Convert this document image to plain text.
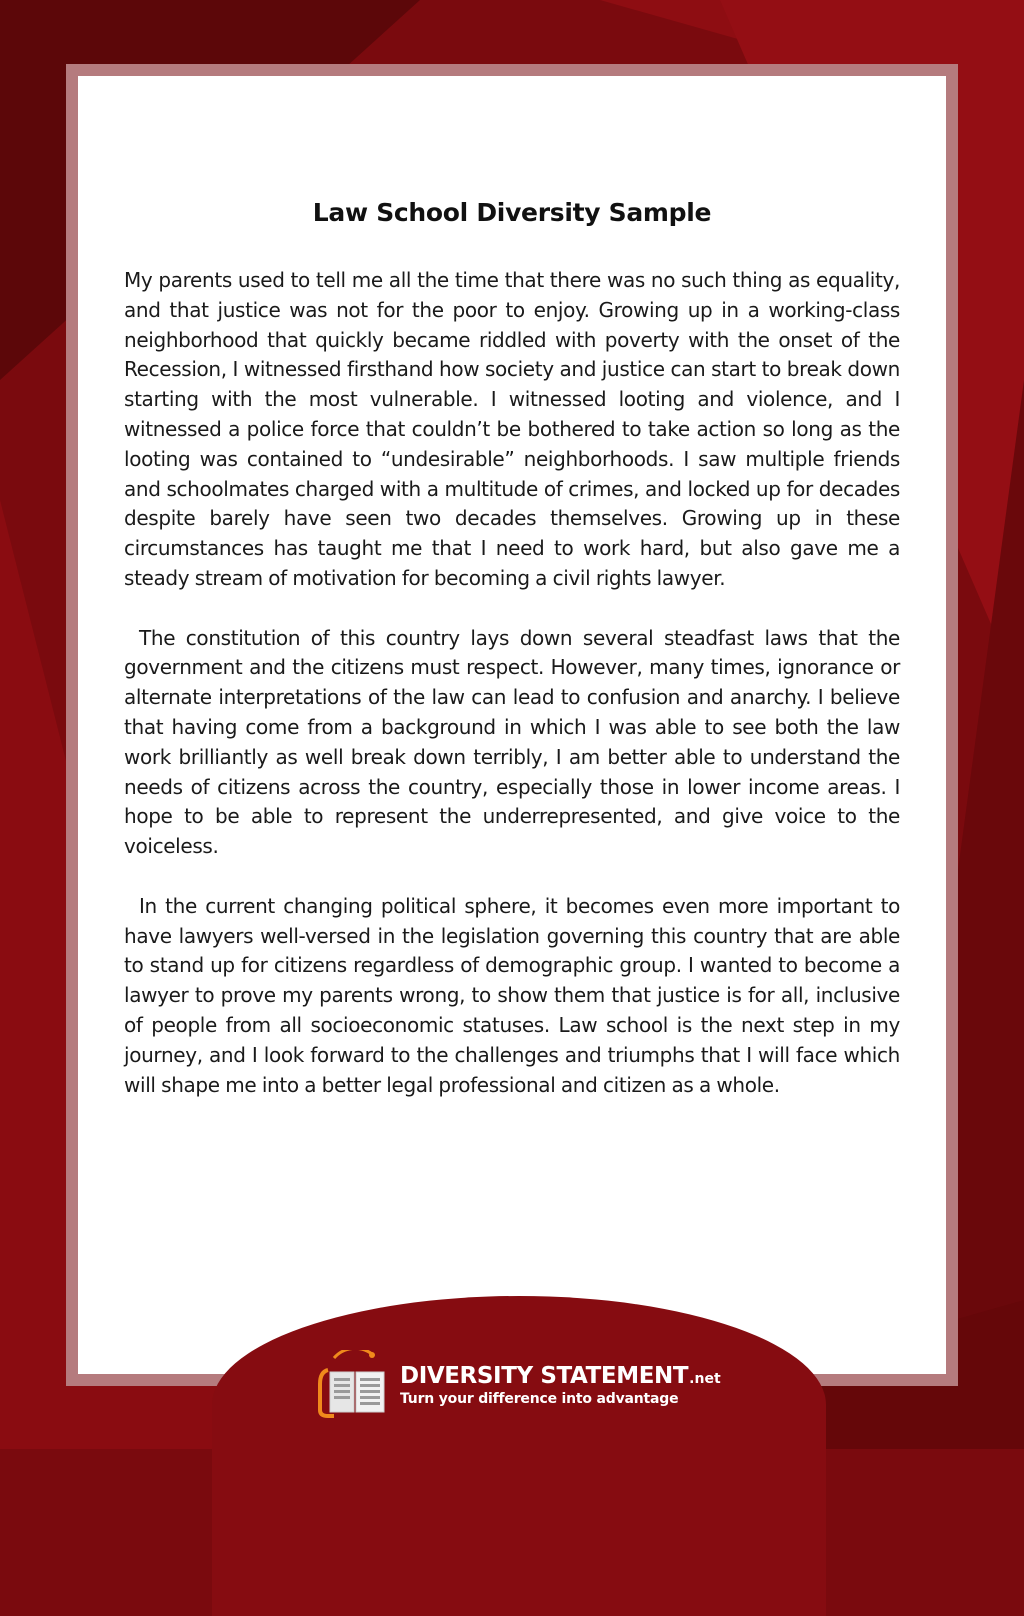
Law School Diversity Sample

My parents used to tell me all the time that there was no such thing as equality, and that justice was not for the poor to enjoy. Growing up in a working-class neighborhood that quickly became riddled with poverty with the onset of the Recession, I witnessed firsthand how society and justice can start to break down starting with the most vulnerable. I witnessed looting and violence, and I witnessed a police force that couldn’t be bothered to take action so long as the looting was contained to “undesirable” neighborhoods. I saw multiple friends and schoolmates charged with a multitude of crimes, and locked up for decades despite barely have seen two decades themselves. Growing up in these circumstances has taught me that I need to work hard, but also gave me a steady stream of motivation for becoming a civil rights lawyer.

The constitution of this country lays down several steadfast laws that the government and the citizens must respect. However, many times, ignorance or alternate interpretations of the law can lead to confusion and anarchy. I believe that having come from a background in which I was able to see both the law work brilliantly as well break down terribly, I am better able to understand the needs of citizens across the country, especially those in lower income areas. I hope to be able to represent the underrepresented, and give voice to the voiceless.

In the current changing political sphere, it becomes even more important to have lawyers well-versed in the legislation governing this country that are able to stand up for citizens regardless of demographic group. I wanted to become a lawyer to prove my parents wrong, to show them that justice is for all, inclusive of people from all socioeconomic statuses. Law school is the next step in my journey, and I look forward to the challenges and triumphs that I will face which will shape me into a better legal professional and citizen as a whole.

DIVERSITY STATEMENT.net
Turn your difference into advantage
